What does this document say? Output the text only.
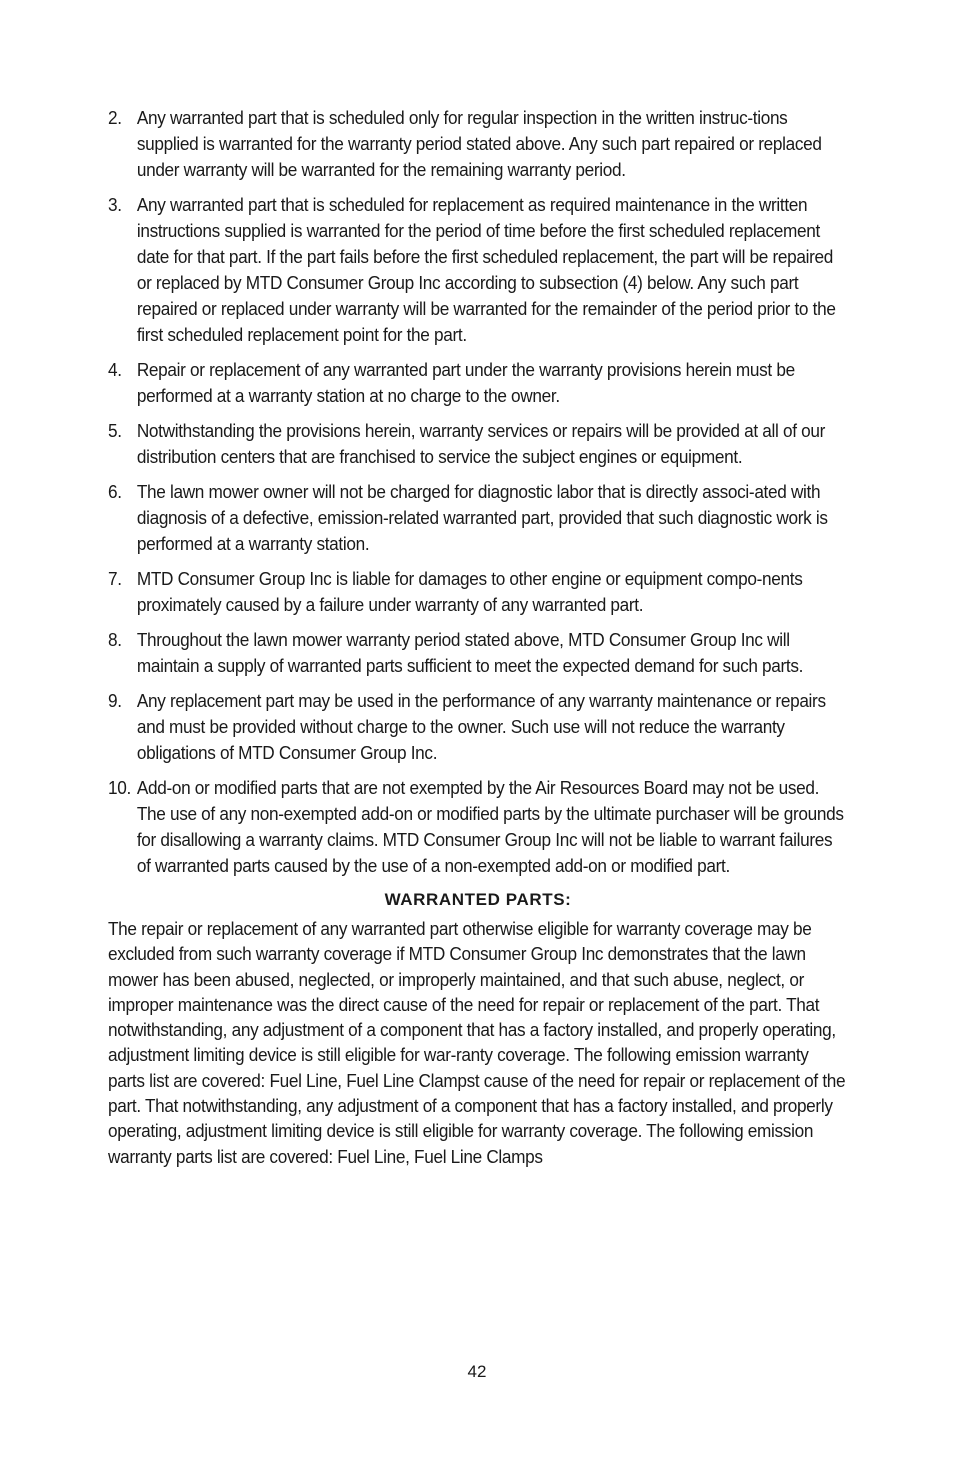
2. Any warranted part that is scheduled only for regular inspection in the written instruc-tions supplied is warranted for the warranty period stated above. Any such part repaired or replaced under warranty will be warranted for the remaining warranty period.
3. Any warranted part that is scheduled for replacement as required maintenance in the written instructions supplied is warranted for the period of time before the first scheduled replacement date for that part. If the part fails before the first scheduled replacement, the part will be repaired or replaced by MTD Consumer Group Inc according to subsection (4) below. Any such part repaired or replaced under warranty will be warranted for the remainder of the period prior to the first scheduled replacement point for the part.
4. Repair or replacement of any warranted part under the warranty provisions herein must be performed at a warranty station at no charge to the owner.
5. Notwithstanding the provisions herein, warranty services or repairs will be provided at all of our distribution centers that are franchised to service the subject engines or equipment.
6. The lawn mower owner will not be charged for diagnostic labor that is directly associ-ated with diagnosis of a defective, emission-related warranted part, provided that such diagnostic work is performed at a warranty station.
7. MTD Consumer Group Inc is liable for damages to other engine or equipment compo-nents proximately caused by a failure under warranty of any warranted part.
8. Throughout the lawn mower warranty period stated above, MTD Consumer Group Inc will maintain a supply of warranted parts sufficient to meet the expected demand for such parts.
9. Any replacement part may be used in the performance of any warranty maintenance or repairs and must be provided without charge to the owner. Such use will not reduce the warranty obligations of MTD Consumer Group Inc.
10. Add-on or modified parts that are not exempted by the Air Resources Board may not be used. The use of any non-exempted add-on or modified parts by the ultimate purchaser will be grounds for disallowing a warranty claims. MTD Consumer Group Inc will not be liable to warrant failures of warranted parts caused by the use of a non-exempted add-on or modified part.
WARRANTED PARTS:
The repair or replacement of any warranted part otherwise eligible for warranty coverage may be excluded from such warranty coverage if MTD Consumer Group Inc demonstrates that the lawn mower has been abused, neglected, or improperly maintained, and that such abuse, neglect, or improper maintenance was the direct cause of the need for repair or replacement of the part. That notwithstanding, any adjustment of a component that has a factory installed, and properly operating, adjustment limiting device is still eligible for war-ranty coverage. The following emission warranty parts list are covered: Fuel Line, Fuel Line Clampst cause of the need for repair or replacement of the part. That notwithstanding, any adjustment of a component that has a factory installed, and properly operating, adjustment limiting device is still eligible for warranty coverage. The following emission warranty parts list are covered: Fuel Line, Fuel Line Clamps
42
